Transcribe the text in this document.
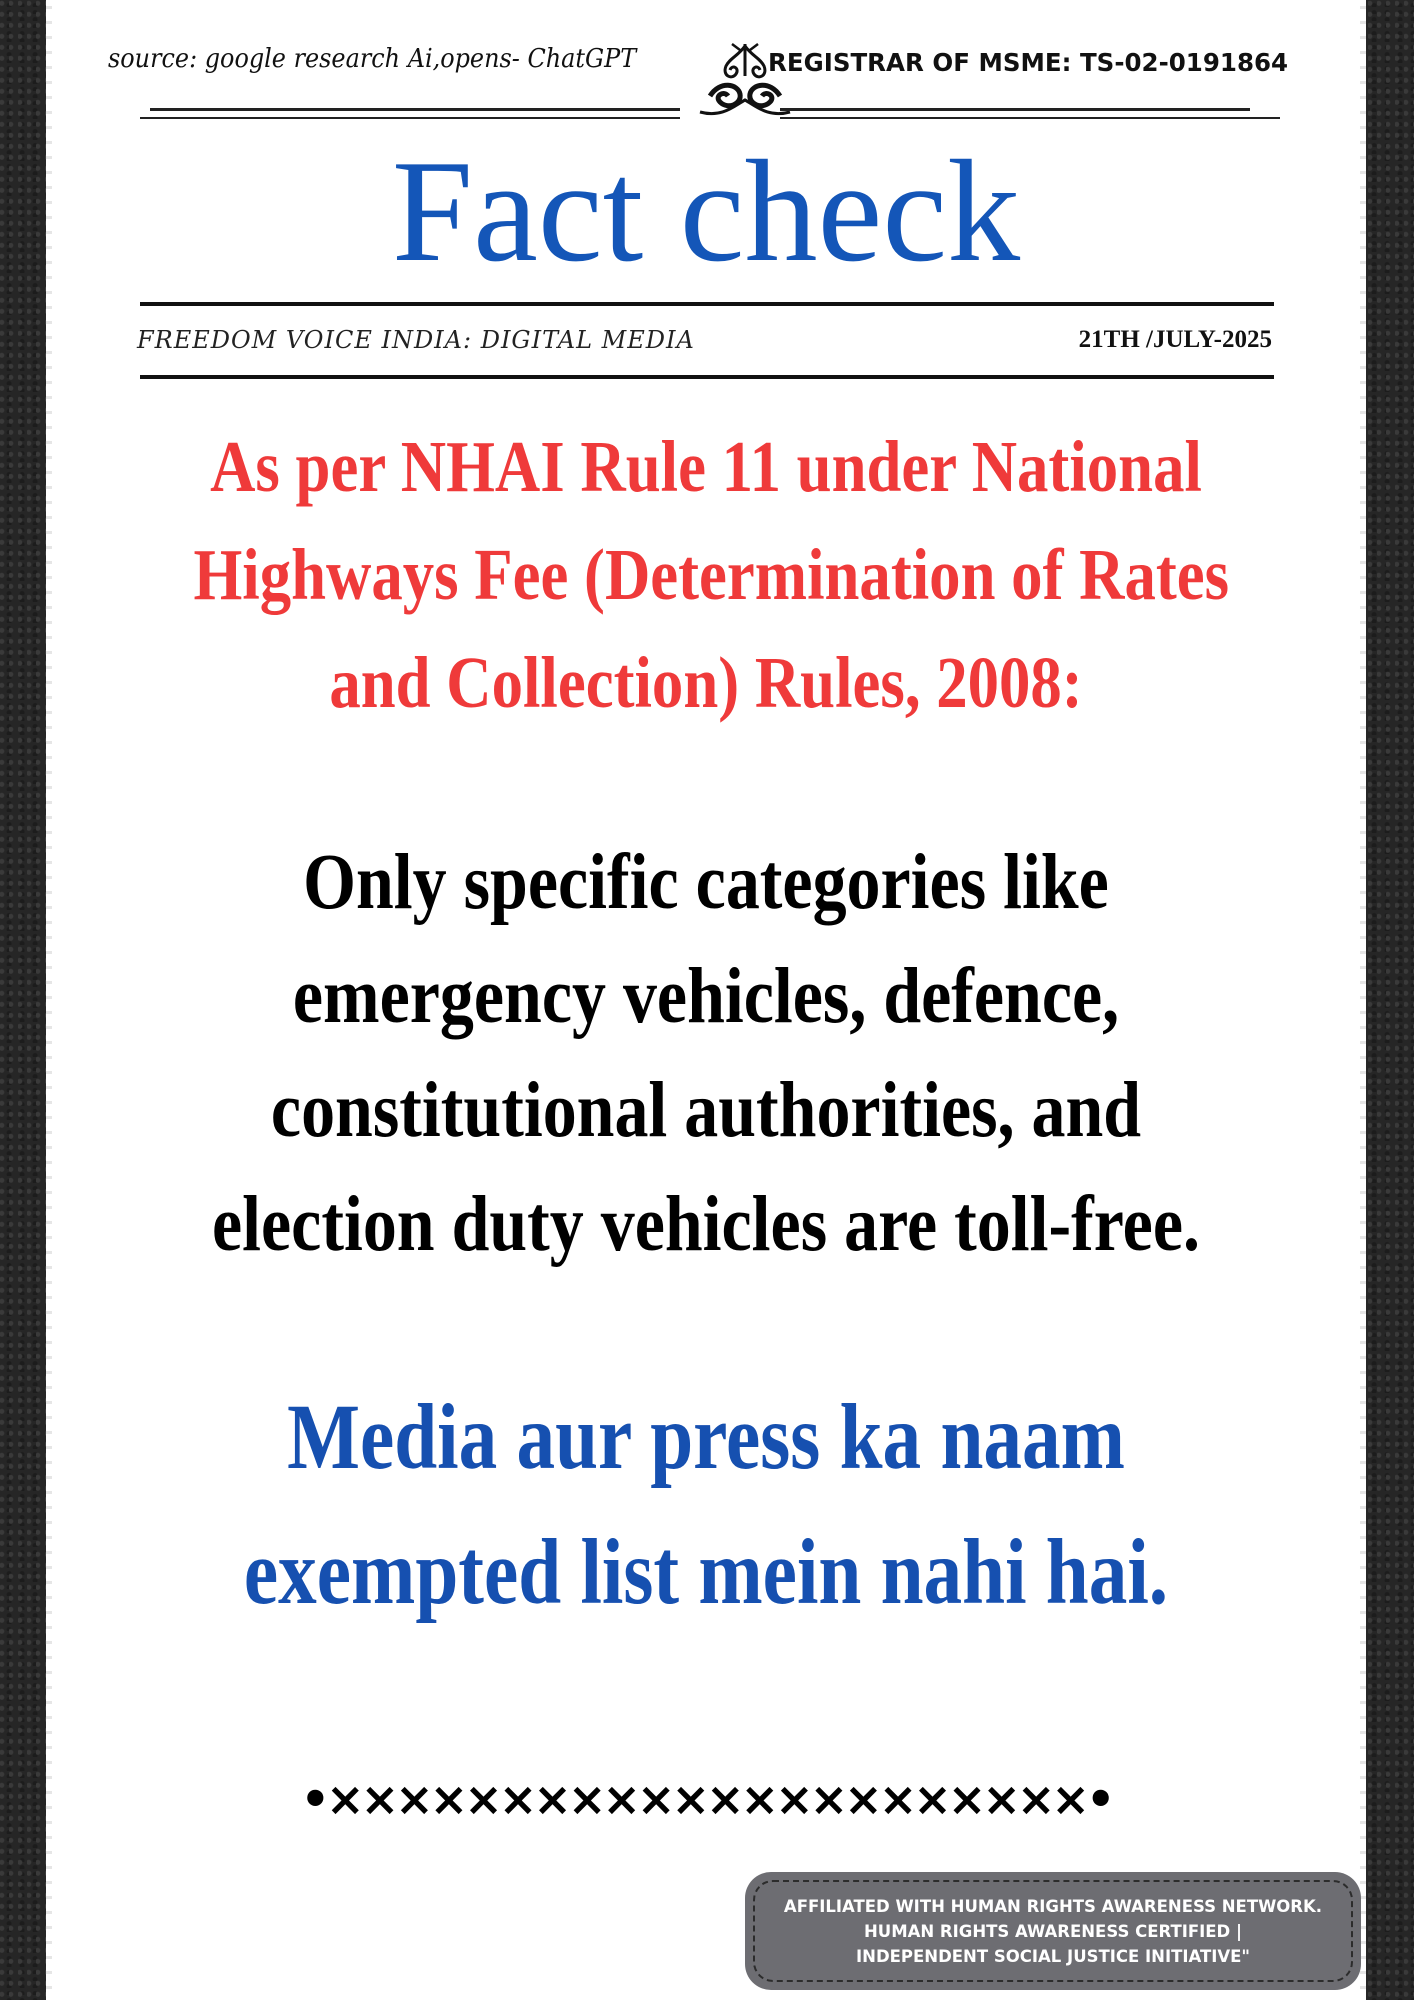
source: google research Ai,opens- ChatGPT	REGISTRAR OF MSME: TS-02-0191864
Fact check
FREEDOM VOICE INDIA: DIGITAL MEDIA	21TH /JULY-2025
As per NHAI Rule 11 under National
Highways Fee (Determination of Rates
and Collection) Rules, 2008:
Only specific categories like
emergency vehicles, defence,
constitutional authorities, and
election duty vehicles are toll-free.
Media aur press ka naam
exempted list mein nahi hai.
•××××××××××××××××××××××•
AFFILIATED WITH HUMAN RIGHTS AWARENESS NETWORK.
HUMAN RIGHTS AWARENESS CERTIFIED |
INDEPENDENT SOCIAL JUSTICE INITIATIVE"
